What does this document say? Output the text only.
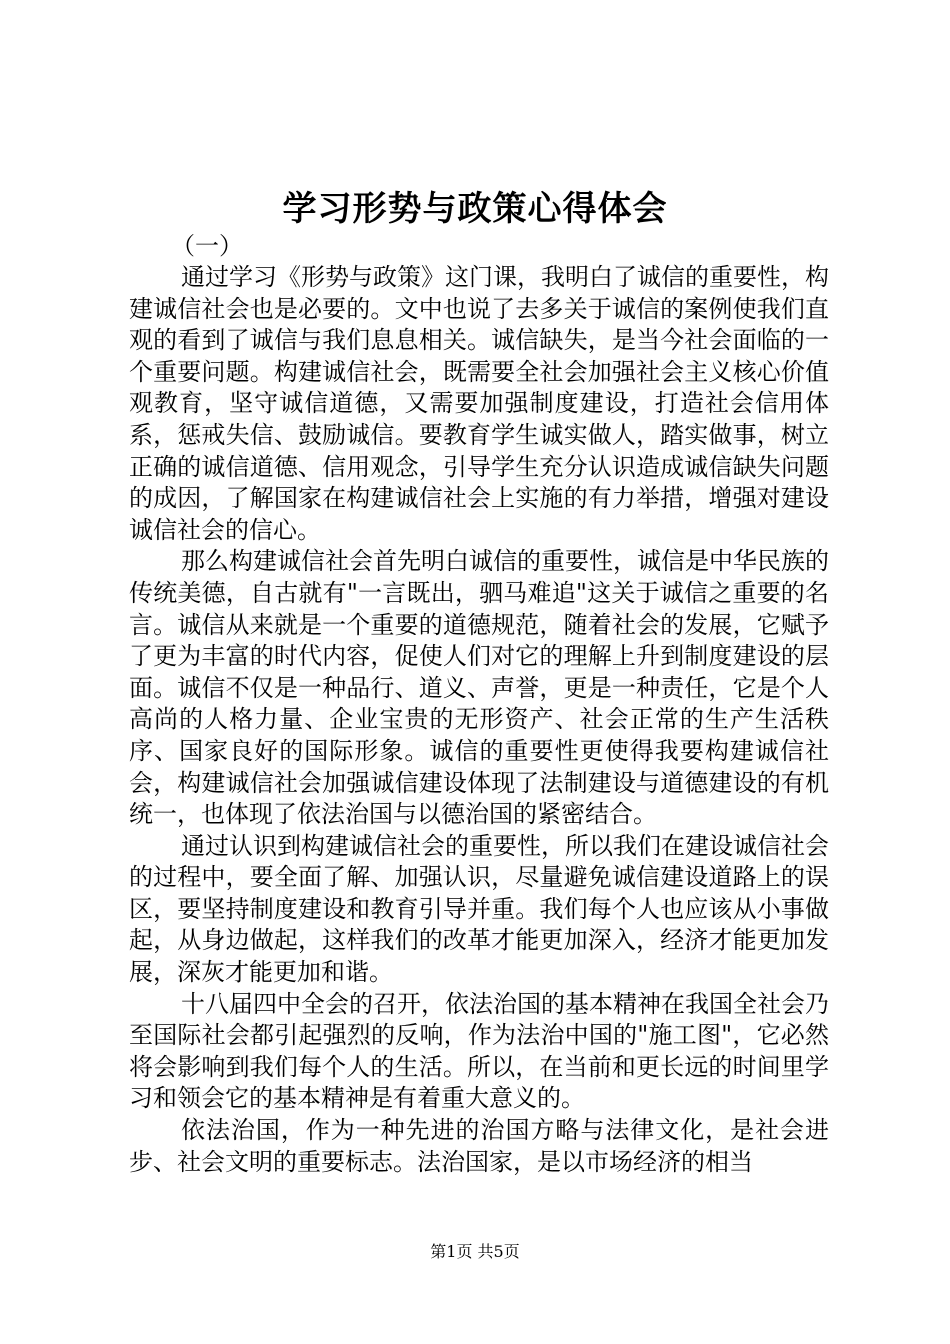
学习形势与政策心得体会

（一）

通过学习《形势与政策》这门课，我明白了诚信的重要性，构建诚信社会也是必要的。文中也说了去多关于诚信的案例使我们直观的看到了诚信与我们息息相关。诚信缺失，是当今社会面临的一个重要问题。构建诚信社会，既需要全社会加强社会主义核心价值观教育，坚守诚信道德，又需要加强制度建设，打造社会信用体系，惩戒失信、鼓励诚信。要教育学生诚实做人，踏实做事，树立正确的诚信道德、信用观念，引导学生充分认识造成诚信缺失问题的成因，了解国家在构建诚信社会上实施的有力举措，增强对建设诚信社会的信心。

那么构建诚信社会首先明白诚信的重要性，诚信是中华民族的传统美德，自古就有"一言既出，驷马难追"这关于诚信之重要的名言。诚信从来就是一个重要的道德规范，随着社会的发展，它赋予了更为丰富的时代内容，促使人们对它的理解上升到制度建设的层面。诚信不仅是一种品行、道义、声誉，更是一种责任，它是个人高尚的人格力量、企业宝贵的无形资产、社会正常的生产生活秩序、国家良好的国际形象。诚信的重要性更使得我要构建诚信社会，构建诚信社会加强诚信建设体现了法制建设与道德建设的有机统一，也体现了依法治国与以德治国的紧密结合。

通过认识到构建诚信社会的重要性，所以我们在建设诚信社会的过程中，要全面了解、加强认识，尽量避免诚信建设道路上的误区，要坚持制度建设和教育引导并重。我们每个人也应该从小事做起，从身边做起，这样我们的改革才能更加深入，经济才能更加发展，深灰才能更加和谐。

十八届四中全会的召开，依法治国的基本精神在我国全社会乃至国际社会都引起强烈的反响，作为法治中国的"施工图"，它必然将会影响到我们每个人的生活。所以，在当前和更长远的时间里学习和领会它的基本精神是有着重大意义的。

依法治国，作为一种先进的治国方略与法律文化，是社会进步、社会文明的重要标志。法治国家，是以市场经济的相当

第1页 共5页
